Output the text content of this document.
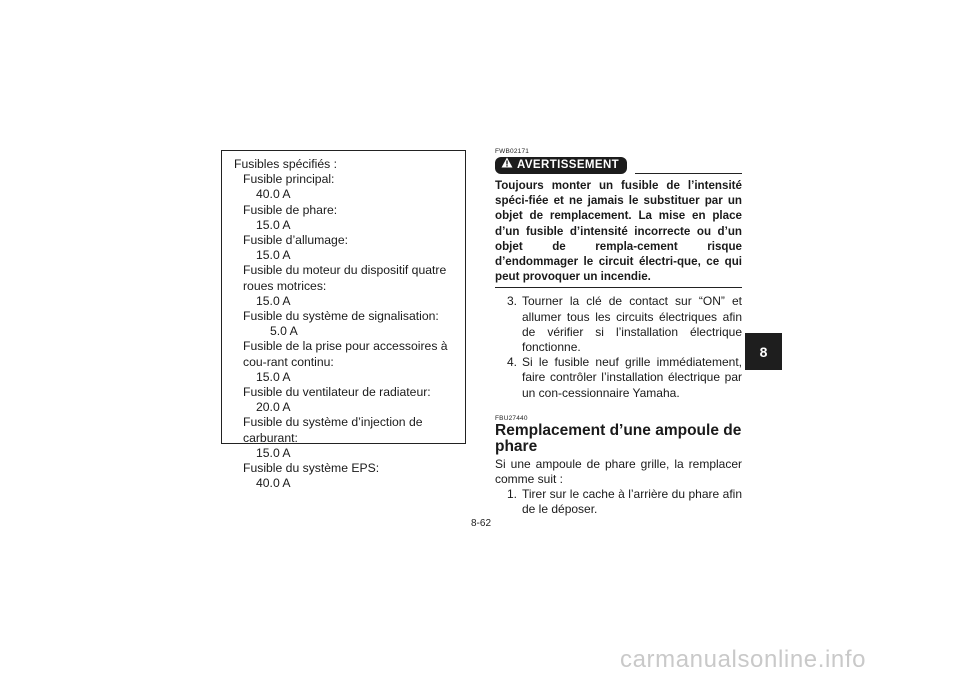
Fusibles spécifiés :
Fusible principal:
40.0 A
Fusible de phare:
15.0 A
Fusible d’allumage:
15.0 A
Fusible du moteur du dispositif quatre roues motrices:
15.0 A
Fusible du système de signalisation:
5.0 A
Fusible de la prise pour accessoires à cou-rant continu:
15.0 A
Fusible du ventilateur de radiateur:
20.0 A
Fusible du système d’injection de carburant:
15.0 A
Fusible du système EPS:
40.0 A
FWB02171
AVERTISSEMENT
Toujours monter un fusible de l’intensité spéci-fiée et ne jamais le substituer par un objet de remplacement. La mise en place d’un fusible d’intensité incorrecte ou d’un objet de rempla-cement risque d’endommager le circuit électri-que, ce qui peut provoquer un incendie.
3. Tourner la clé de contact sur “ON” et allumer tous les circuits électriques afin de vérifier si l’installation électrique fonctionne.
4. Si le fusible neuf grille immédiatement, faire contrôler l’installation électrique par un con-cessionnaire Yamaha.
FBU27440
Remplacement d’une ampoule de phare
Si une ampoule de phare grille, la remplacer comme suit :
1. Tirer sur le cache à l’arrière du phare afin de le déposer.
8
8-62
carmanualsonline.info
